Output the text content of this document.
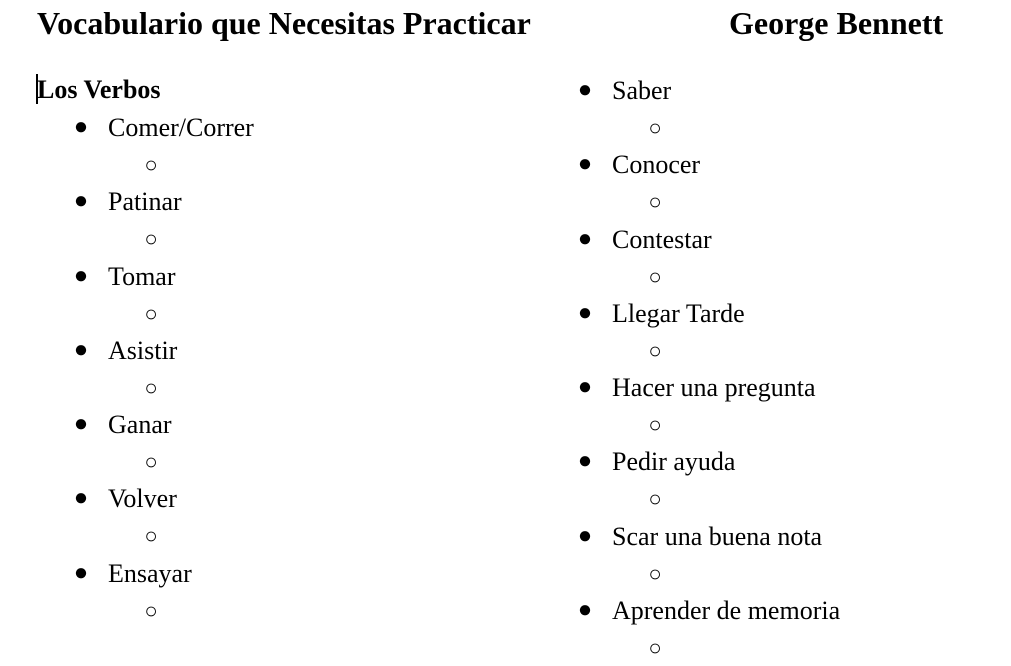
Vocabulario que Necesitas Practicar	George Bennett
Los Verbos
● Comer/Correr
○
● Patinar
○
● Tomar
○
● Asistir
○
● Ganar
○
● Volver
○
● Ensayar
○
● Saber
○
● Conocer
○
● Contestar
○
● Llegar Tarde
○
● Hacer una pregunta
○
● Pedir ayuda
○
● Scar una buena nota
○
● Aprender de memoria
○
